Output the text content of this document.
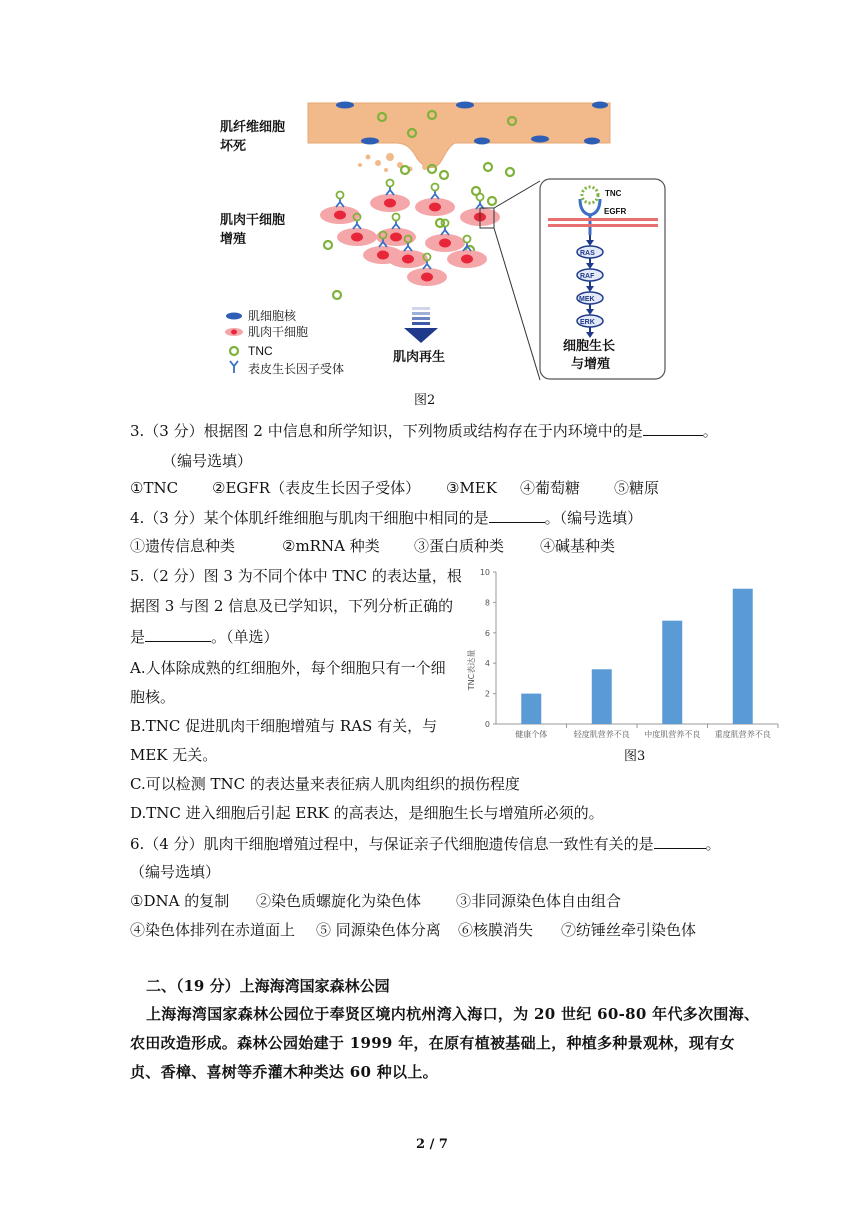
肌纤维细胞
坏死
肌肉干细胞
增殖
肌肉再生
肌细胞核
肌肉干细胞
TNC
表皮生长因子受体
TNC
EGFR
RAS
RAF
MEK
ERK
细胞生长
与增殖
图2
3.（3 分）根据图 2 中信息和所学知识，下列物质或结构存在于内环境中的是	。
（编号选填）
①TNC ②EGFR（表皮生长因子受体） ③MEK ④葡萄糖 ⑤糖原
4.（3 分）某个体肌纤维细胞与肌肉干细胞中相同的是	。（编号选填）
①遗传信息种类	②mRNA 种类 ③蛋白质种类 ④碱基种类
5.（2 分）图 3 为不同个体中 TNC 的表达量，根
据图 3 与图 2 信息及已学知识，下列分析正确的
是	。（单选）
A.人体除成熟的红细胞外，每个细胞只有一个细
胞核。
B.TNC 促进肌肉干细胞增殖与 RAS 有关，与
MEK 无关。
C.可以检测 TNC 的表达量来表征病人肌肉组织的损伤程度
D.TNC 进入细胞后引起 ERK 的高表达，是细胞生长与增殖所必须的。
TNC表达量
0
2
4
6
8
10
健康个体	轻度肌营养不良 中度肌营养不良 重度肌营养不良
图3
6.（4 分）肌肉干细胞增殖过程中，与保证亲子代细胞遗传信息一致性有关的是	。
（编号选填）
①DNA 的复制 ②染色质螺旋化为染色体 ③非同源染色体自由组合
④染色体排列在赤道面上 ⑤ 同源染色体分离 ⑥核膜消失 ⑦纺锤丝牵引染色体
二、（19 分）上海海湾国家森林公园
上海海湾国家森林公园位于奉贤区境内杭州湾入海口，为 20 世纪 60-80 年代多次围海、
农田改造形成。森林公园始建于 1999 年，在原有植被基础上，种植多种景观林，现有女
贞、香樟、喜树等乔灌木种类达 60 种以上。
2 / 7
